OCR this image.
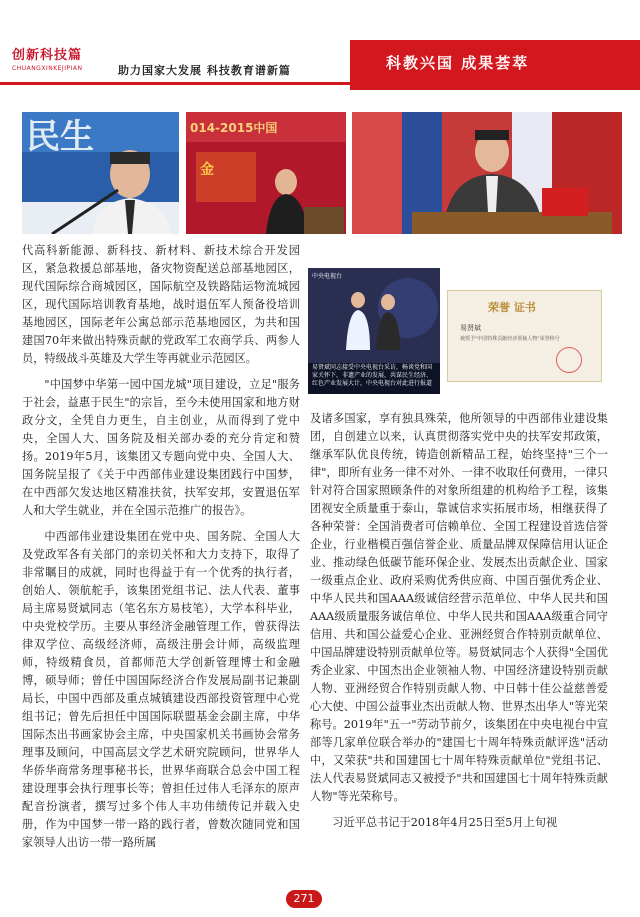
创新科技篇
CHUANGXINKEJIPIAN	助力国家大发展 科技教育谱新篇	科教兴国 成果荟萃
民生	014-2015中国
金
中央电视台
易贤斌同志接受中央电视台采访，畅谈党和国家关怀下，非遗产业的发展，共谋民生经济、红色产业发展大计，中央电视台对此进行报道
荣誉 证书
易贤斌
被授予"中国特殊贡献经济领袖人物"荣誉称号

代高科新能源、新科技、新材料、新技术综合开发园区，紧急救援总部基地，备灾物资配送总部基地园区，现代国际综合商城园区，国际航空及铁路陆运物流城园区，现代国际培训教育基地，战时退伍军人预备役培训基地园区，国际老年公寓总部示范基地园区，为共和国建国70年来做出特殊贡献的党政军工农商学兵、两参人员，特级战斗英雄及大学生等再就业示范园区。

"中国梦中华第一园中国龙城"项目建设，立足"服务于社会，益惠于民生"的宗旨，至今未使用国家和地方财政分文，全凭自力更生，自主创业，从而得到了党中央，全国人大、国务院及相关部办委的充分肯定和赞扬。2019年5月，该集团又专题向党中央、全国人大、国务院呈报了《关于中西部伟业建设集团践行中国梦，在中西部欠发达地区精准扶贫，扶军安邦，安置退伍军人和大学生就业，并在全国示范推广的报告》。

中西部伟业建设集团在党中央、国务院、全国人大及党政军各有关部门的亲切关怀和大力支持下，取得了非常瞩目的成就，同时也得益于有一个优秀的执行者，创始人、领航舵手，该集团党组书记、法人代表、董事局主席易贤斌同志（笔名东方易枝笔），大学本科毕业，中央党校学历。主要从事经济金融管理工作，曾获得法律双学位、高级经济师，高级注册会计师，高级监理师，特级精食员，首都师范大学创新管理博士和金融博，硕导师；曾任中国国际经济合作发展局副书记兼副局长，中国中西部及重点城镇建设西部投资管理中心党组书记；曾先后担任中国国际联盟基金会副主席，中华国际杰出书画家协会主席，中央国家机关书画协会常务理事及顾问，中国高层文学艺术研究院顾问，世界华人华侨华商常务理事秘书长，世界华商联合总会中国工程建设理事会执行理事长等；曾担任过伟人毛泽东的原声配音扮演者，撰写过多个伟人丰功伟绩传记并载入史册，作为中国梦一带一路的践行者，曾数次随同党和国家领导人出访一带一路所属

及诸多国家，享有独具殊荣，他所领导的中西部伟业建设集团，自创建立以来，认真贯彻落实党中央的扶军安邦政策，继承军队优良传统，铸造创新精品工程，始终坚持"三个一律"，即所有业务一律不对外、一律不收取任何费用，一律只针对符合国家照顾条件的对象所组建的机构给予工程，该集团视安全质量重于泰山，靠诚信求实拓展市场，相继获得了各种荣誉：全国消费者可信赖单位、全国工程建设首选信誉企业，行业楷模百强信誉企业、质量品牌双保障信用认证企业、推动绿色低碳节能环保企业、发展杰出贡献企业、国家一级重点企业、政府采购优秀供应商、中国百强优秀企业、中华人民共和国AAA级诚信经营示范单位、中华人民共和国AAA级质量服务诚信单位、中华人民共和国AAA级重合同守信用、共和国公益爱心企业、亚洲经贸合作特别贡献单位、中国品牌建设特别贡献单位等。易贤斌同志个人获得"全国优秀企业家、中国杰出企业领袖人物、中国经济建设特别贡献人物、亚洲经贸合作特别贡献人物、中日韩十佳公益慈善爱心大使、中国公益事业杰出贡献人物、世界杰出华人"等光荣称号。2019年"五一"劳动节前夕，该集团在中央电视台中宣部等几家单位联合举办的"建国七十周年特殊贡献评选"活动中，又荣获"共和国建国七十周年特殊贡献单位"党组书记、法人代表易贤斌同志又被授予"共和国建国七十周年特殊贡献人物"等光荣称号。

习近平总书记于2018年4月25日至5月上旬视

271
